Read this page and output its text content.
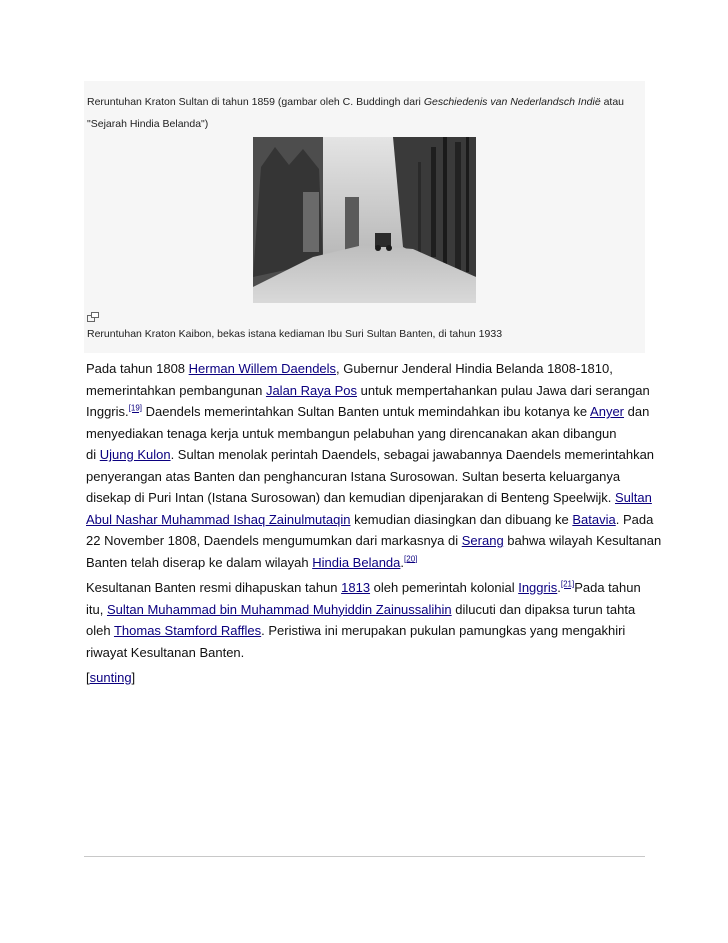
Reruntuhan Kraton Sultan di tahun 1859 (gambar oleh C. Buddingh dari Geschiedenis van Nederlandsch Indië atau "Sejarah Hindia Belanda")
Reruntuhan Kraton Kaibon, bekas istana kediaman Ibu Suri Sultan Banten, di tahun 1933

Pada tahun 1808 Herman Willem Daendels, Gubernur Jenderal Hindia Belanda 1808-1810,
memerintahkan pembangunan Jalan Raya Pos untuk mempertahankan pulau Jawa dari serangan
Inggris.[19] Daendels memerintahkan Sultan Banten untuk memindahkan ibu kotanya ke Anyer dan
menyediakan tenaga kerja untuk membangun pelabuhan yang direncanakan akan dibangun
di Ujung Kulon. Sultan menolak perintah Daendels, sebagai jawabannya Daendels memerintahkan
penyerangan atas Banten dan penghancuran Istana Surosowan. Sultan beserta keluarganya
disekap di Puri Intan (Istana Surosowan) dan kemudian dipenjarakan di Benteng Speelwijk. Sultan
Abul Nashar Muhammad Ishaq Zainulmutaqin kemudian diasingkan dan dibuang ke Batavia. Pada
22 November 1808, Daendels mengumumkan dari markasnya di Serang bahwa wilayah Kesultanan
Banten telah diserap ke dalam wilayah Hindia Belanda.[20]

Kesultanan Banten resmi dihapuskan tahun 1813 oleh pemerintah kolonial Inggris.[21]Pada tahun
itu, Sultan Muhammad bin Muhammad Muhyiddin Zainussalihin dilucuti dan dipaksa turun tahta
oleh Thomas Stamford Raffles. Peristiwa ini merupakan pukulan pamungkas yang mengakhiri
riwayat Kesultanan Banten.

[sunting]
